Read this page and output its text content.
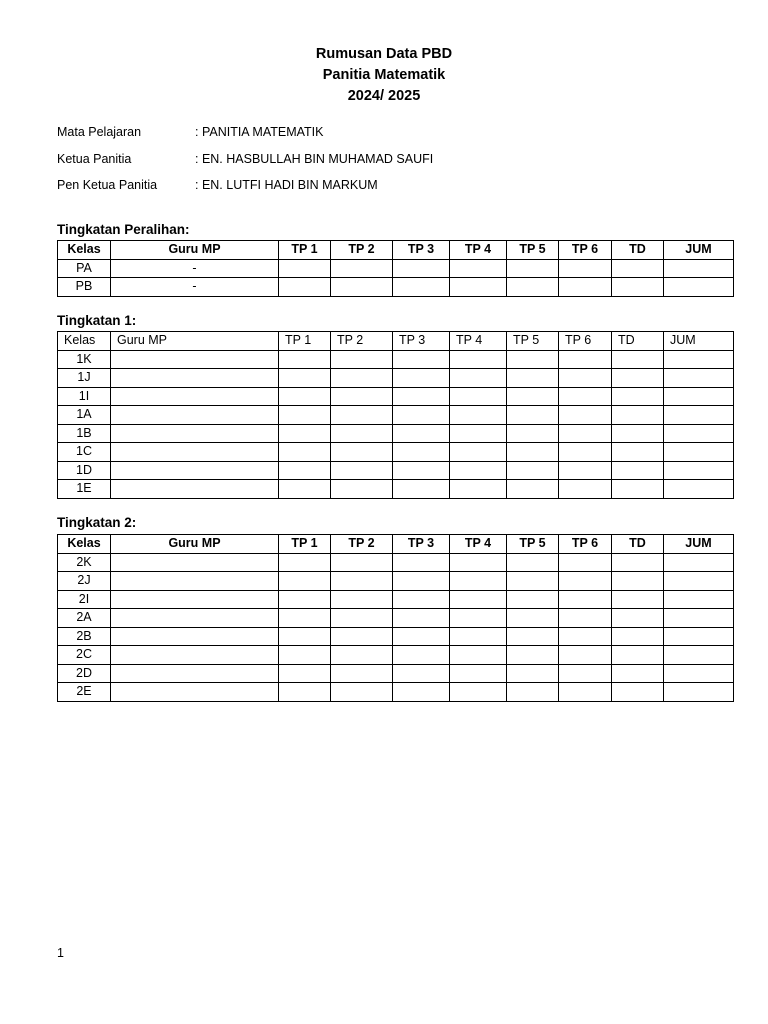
Rumusan Data PBD
Panitia Matematik
2024/ 2025
Mata Pelajaran	: PANITIA MATEMATIK
Ketua Panitia	: EN. HASBULLAH BIN MUHAMAD SAUFI
Pen Ketua Panitia	: EN. LUTFI HADI BIN MARKUM
Tingkatan Peralihan:
Kelas	Guru MP	TP 1	TP 2	TP 3	TP 4	TP 5	TP 6	TD	JUM
PA	-								
PB	-								
Tingkatan 1:
Kelas	Guru MP	TP 1	TP 2	TP 3	TP 4	TP 5	TP 6	TD	JUM
1K									
1J									
1I									
1A									
1B									
1C									
1D									
1E									
Tingkatan 2:
Kelas	Guru MP	TP 1	TP 2	TP 3	TP 4	TP 5	TP 6	TD	JUM
2K									
2J									
2I									
2A									
2B									
2C									
2D									
2E									
1
